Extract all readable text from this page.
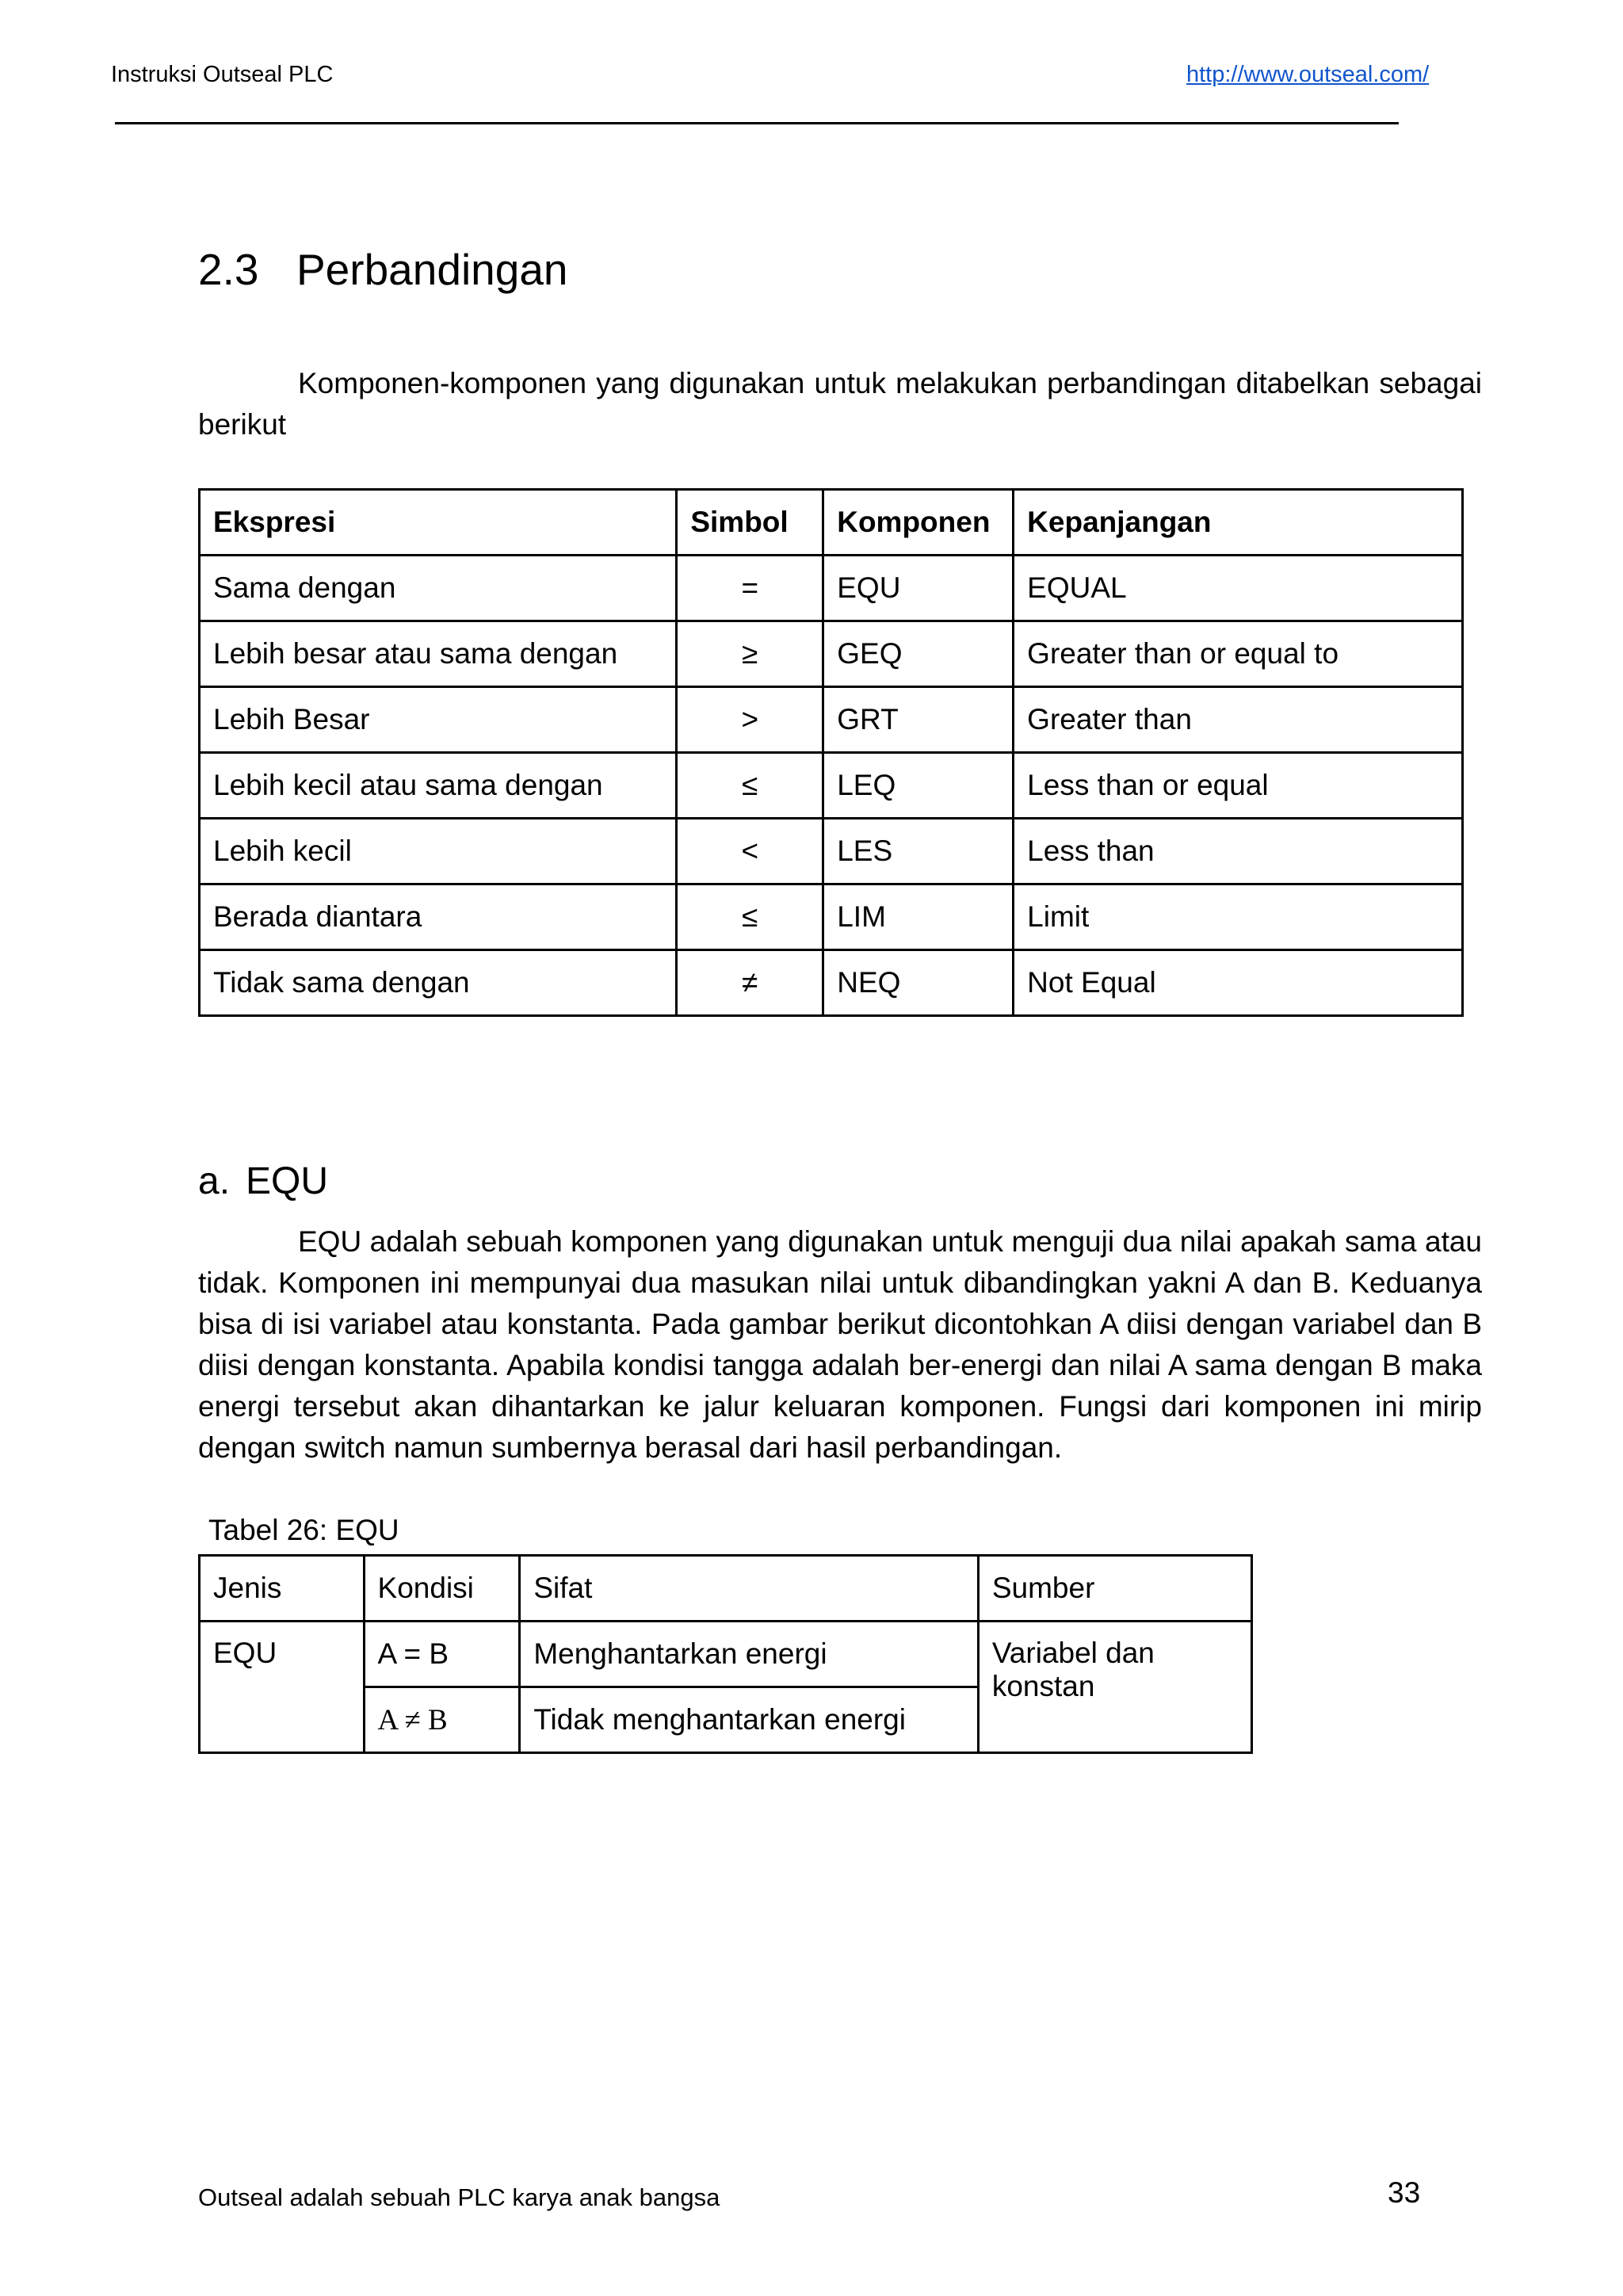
Instruksi Outseal PLC	http://www.outseal.com/
2.3 Perbandingan

Komponen-komponen yang digunakan untuk melakukan perbandingan ditabelkan sebagai berikut

Ekspresi	Simbol	Komponen	Kepanjangan
Sama dengan	=	EQU	EQUAL
Lebih besar atau sama dengan	≥	GEQ	Greater than or equal to
Lebih Besar	>	GRT	Greater than
Lebih kecil atau sama dengan	≤	LEQ	Less than or equal
Lebih kecil	<	LES	Less than
Berada diantara	≤	LIM	Limit
Tidak sama dengan	≠	NEQ	Not Equal
a. EQU

EQU adalah sebuah komponen yang digunakan untuk menguji dua nilai apakah sama atau tidak. Komponen ini mempunyai dua masukan nilai untuk dibandingkan yakni A dan B. Keduanya bisa di isi variabel atau konstanta. Pada gambar berikut dicontohkan A diisi dengan variabel dan B diisi dengan konstanta. Apabila kondisi tangga adalah ber-energi dan nilai A sama dengan B maka energi tersebut akan dihantarkan ke jalur keluaran komponen. Fungsi dari komponen ini mirip dengan switch namun sumbernya berasal dari hasil perbandingan.

Tabel 26: EQU
Jenis	Kondisi	Sifat	Sumber
EQU	A = B	Menghantarkan energi	Variabel dan konstan
	A ≠ B	Tidak menghantarkan energi	
Outseal adalah sebuah PLC karya anak bangsa	33
